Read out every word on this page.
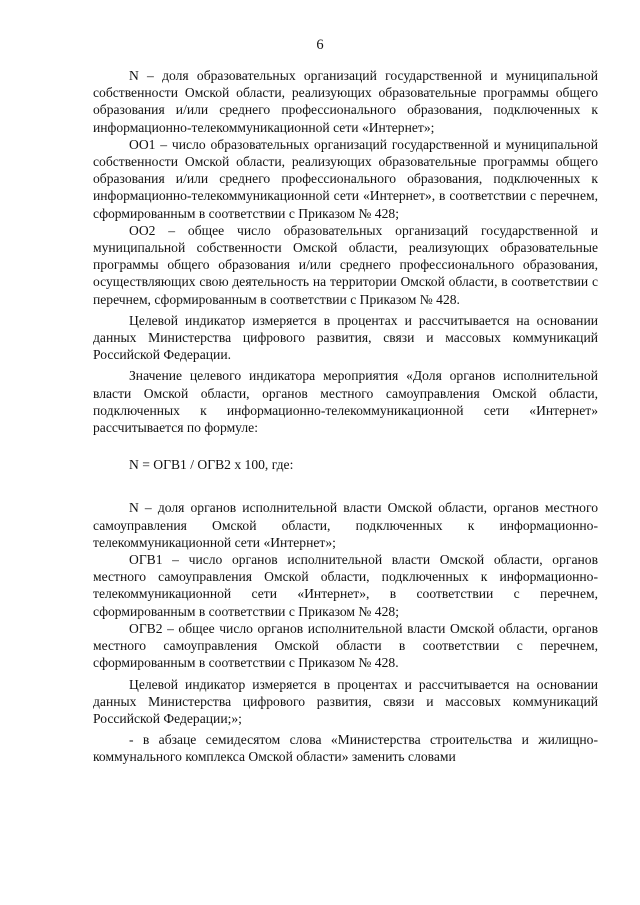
6

N – доля образовательных организаций государственной и муниципальной собственности Омской области, реализующих образовательные программы общего образования и/или среднего профессионального образования, подключенных к информационно-телекоммуникационной сети «Интернет»;

ОО1 – число образовательных организаций государственной и муниципальной собственности Омской области, реализующих образовательные программы общего образования и/или среднего профессионального образования, подключенных к информационно-телекоммуникационной сети «Интернет», в соответствии с перечнем, сформированным в соответствии с Приказом № 428;

ОО2 – общее число образовательных организаций государственной и муниципальной собственности Омской области, реализующих образовательные программы общего образования и/или среднего профессионального образования, осуществляющих свою деятельность на территории Омской области, в соответствии с перечнем, сформированным в соответствии с Приказом № 428.

Целевой индикатор измеряется в процентах и рассчитывается на основании данных Министерства цифрового развития, связи и массовых коммуникаций Российской Федерации.

Значение целевого индикатора мероприятия «Доля органов исполнительной власти Омской области, органов местного самоуправления Омской области, подключенных к информационно-телекоммуникационной сети «Интернет» рассчитывается по формуле:

N = ОГВ1 / ОГВ2 х 100, где:

N – доля органов исполнительной власти Омской области, органов местного самоуправления Омской области, подключенных к информационно-телекоммуникационной сети «Интернет»;

ОГВ1 – число органов исполнительной власти Омской области, органов местного самоуправления Омской области, подключенных к информационно-телекоммуникационной сети «Интернет», в соответствии с перечнем, сформированным в соответствии с Приказом № 428;

ОГВ2 – общее число органов исполнительной власти Омской области, органов местного самоуправления Омской области в соответствии с перечнем, сформированным в соответствии с Приказом № 428.

Целевой индикатор измеряется в процентах и рассчитывается на основании данных Министерства цифрового развития, связи и массовых коммуникаций Российской Федерации;»;

- в абзаце семидесятом слова «Министерства строительства и жилищно-коммунального комплекса Омской области» заменить словами
